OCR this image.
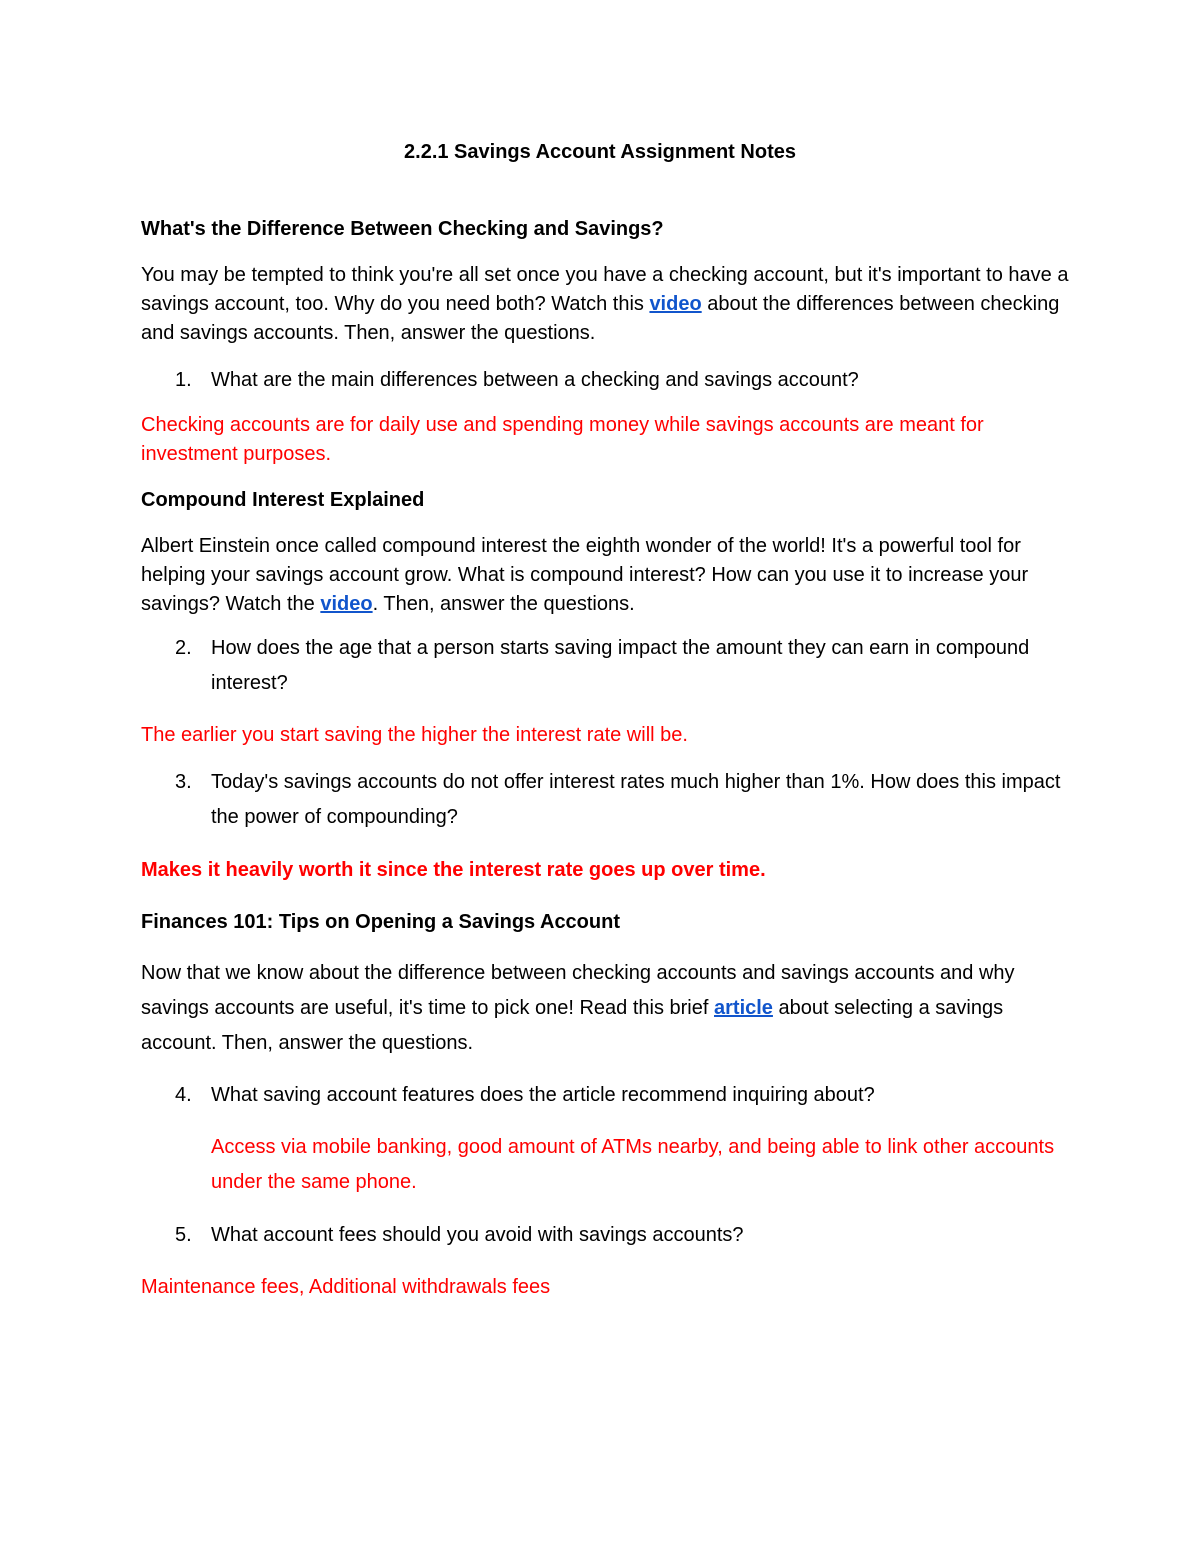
2.2.1 Savings Account Assignment Notes
What's the Difference Between Checking and Savings?

You may be tempted to think you're all set once you have a checking account, but it's important to have a savings account, too. Why do you need both? Watch this video about the differences between checking and savings accounts. Then, answer the questions.

1. What are the main differences between a checking and savings account?

Checking accounts are for daily use and spending money while savings accounts are meant for investment purposes.

Compound Interest Explained

Albert Einstein once called compound interest the eighth wonder of the world! It's a powerful tool for helping your savings account grow. What is compound interest? How can you use it to increase your savings? Watch the video. Then, answer the questions.

2. How does the age that a person starts saving impact the amount they can earn in compound interest?

The earlier you start saving the higher the interest rate will be.

3. Today's savings accounts do not offer interest rates much higher than 1%. How does this impact the power of compounding?

Makes it heavily worth it since the interest rate goes up over time.

Finances 101: Tips on Opening a Savings Account

Now that we know about the difference between checking accounts and savings accounts and why savings accounts are useful, it's time to pick one! Read this brief article about selecting a savings account. Then, answer the questions.

4. What saving account features does the article recommend inquiring about?

Access via mobile banking, good amount of ATMs nearby, and being able to link other accounts under the same phone.

5. What account fees should you avoid with savings accounts?

Maintenance fees, Additional withdrawals fees
